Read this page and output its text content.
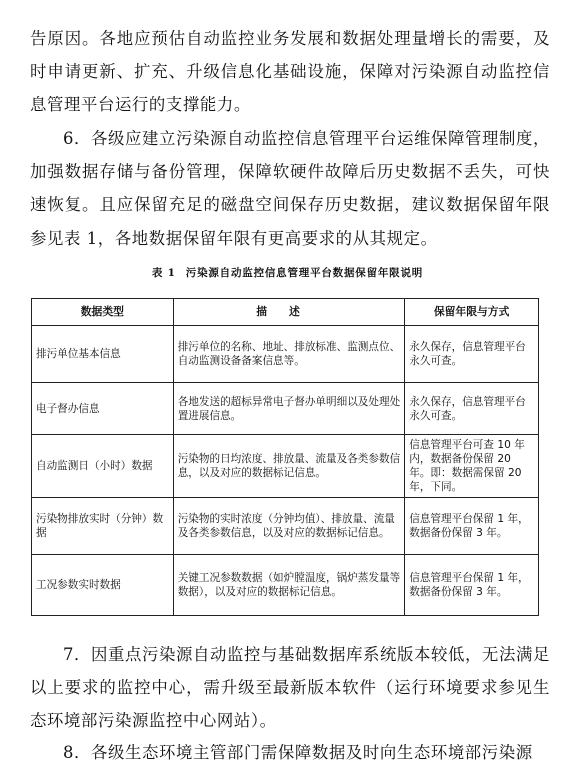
告原因。各地应预估自动监控业务发展和数据处理量增长的需要，及时申请更新、扩充、升级信息化基础设施，保障对污染源自动监控信息管理平台运行的支撑能力。

6．各级应建立污染源自动监控信息管理平台运维保障管理制度，加强数据存储与备份管理，保障软硬件故障后历史数据不丢失，可快速恢复。且应保留充足的磁盘空间保存历史数据，建议数据保留年限参见表 1，各地数据保留年限有更高要求的从其规定。

表 1 污染源自动监控信息管理平台数据保留年限说明

数据类型	描述	保留年限与方式
排污单位基本信息	排污单位的名称、地址、排放标准、监测点位、自动监测设备备案信息等。	永久保存，信息管理平台永久可查。
电子督办信息	各地发送的超标异常电子督办单明细以及处理处置进展信息。	永久保存，信息管理平台永久可查。
自动监测日（小时）数据	污染物的日均浓度、排放量、流量及各类参数信息，以及对应的数据标记信息。	信息管理平台可查 10 年内，数据备份保留 20 年。即：数据需保留 20 年，下同。
污染物排放实时（分钟）数据	污染物的实时浓度（分钟均值）、排放量、流量及各类参数信息，以及对应的数据标记信息。	信息管理平台保留 1 年，数据备份保留 3 年。
工况参数实时数据	关键工况参数数据（如炉膛温度，锅炉蒸发量等数据），以及对应的数据标记信息。	信息管理平台保留 1 年，数据备份保留 3 年。

7．因重点污染源自动监控与基础数据库系统版本较低，无法满足以上要求的监控中心，需升级至最新版本软件（运行环境要求参见生态环境部污染源监控中心网站）。

8．各级生态环境主管部门需保障数据及时向生态环境部污染源
